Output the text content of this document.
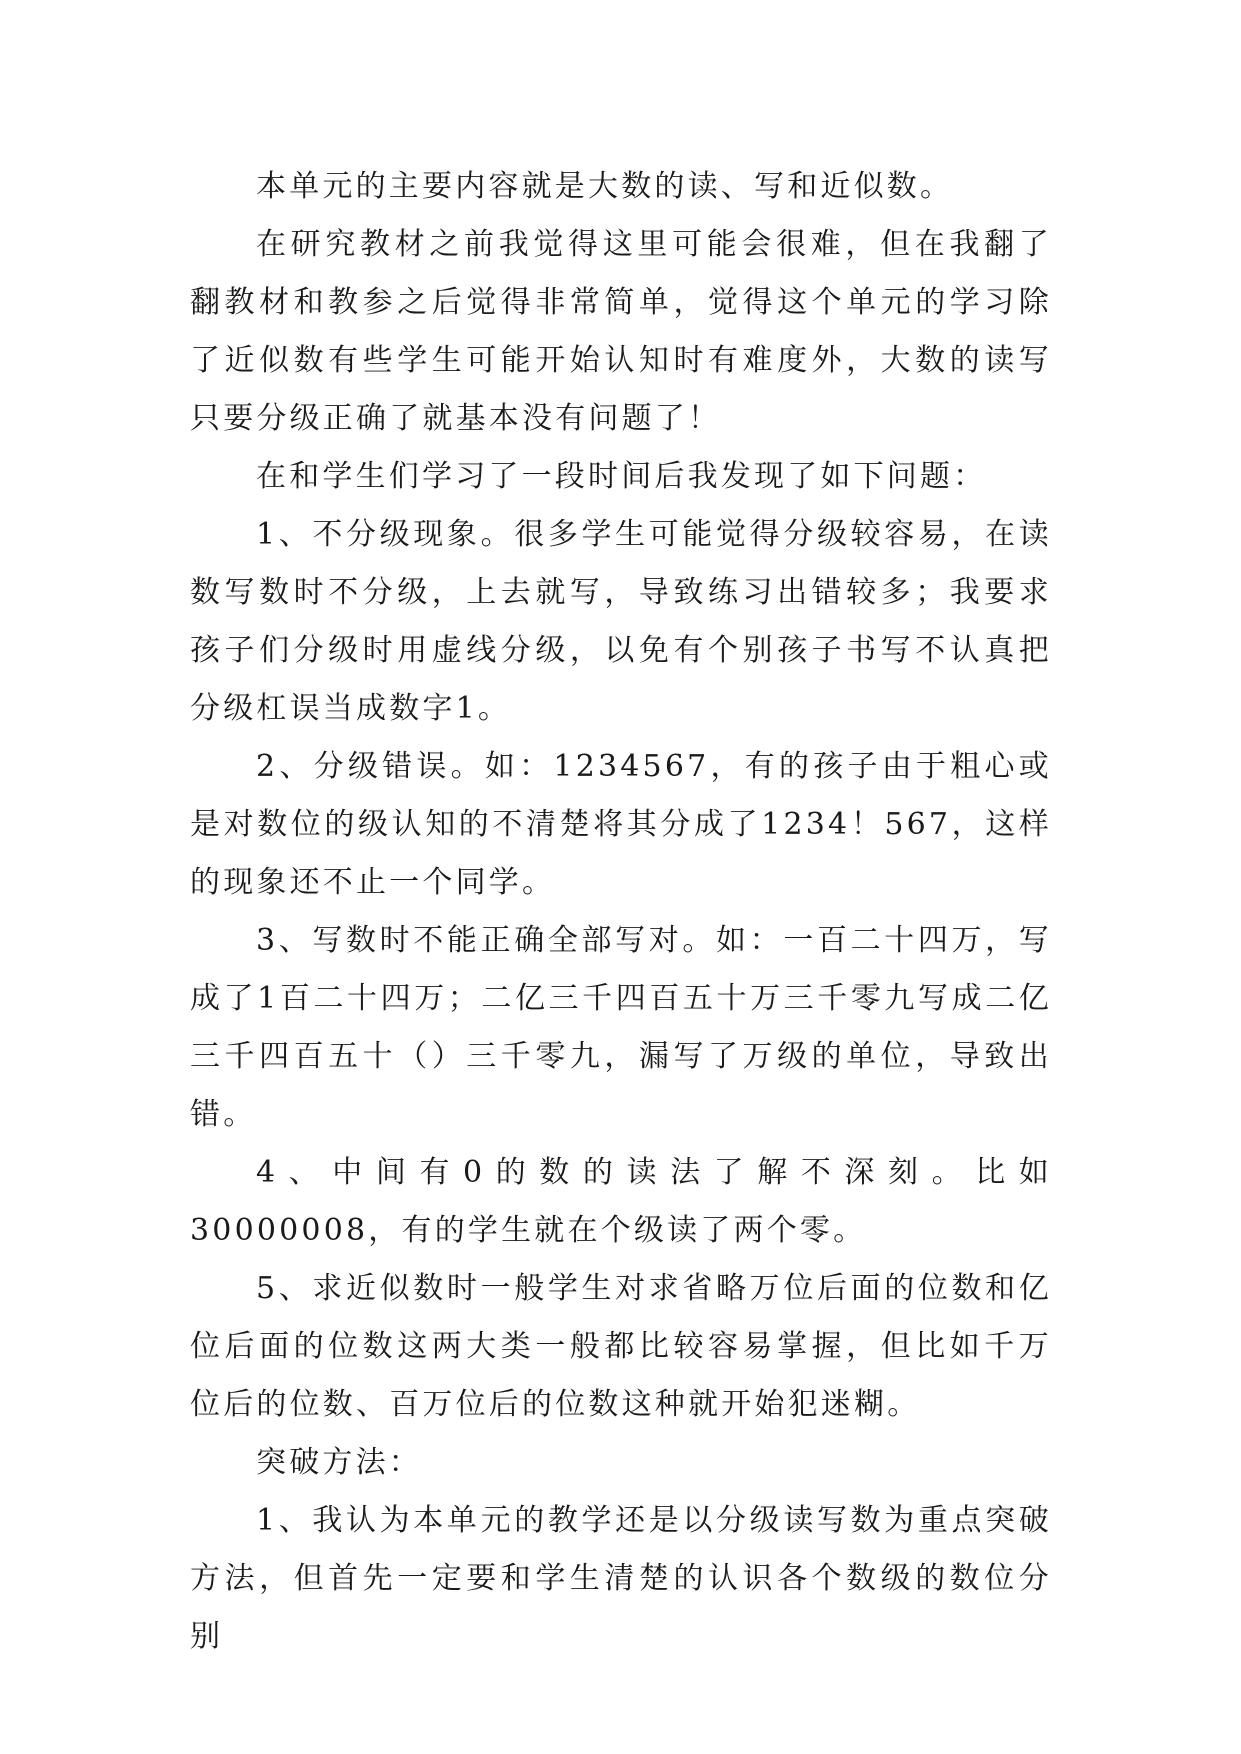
本单元的主要内容就是大数的读、写和近似数。

在研究教材之前我觉得这里可能会很难，但在我翻了翻教材和教参之后觉得非常简单，觉得这个单元的学习除了近似数有些学生可能开始认知时有难度外，大数的读写只要分级正确了就基本没有问题了！

在和学生们学习了一段时间后我发现了如下问题：

1、不分级现象。很多学生可能觉得分级较容易，在读数写数时不分级，上去就写，导致练习出错较多；我要求孩子们分级时用虚线分级，以免有个别孩子书写不认真把分级杠误当成数字1。

2、分级错误。如：1234567，有的孩子由于粗心或是对数位的级认知的不清楚将其分成了1234！567，这样的现象还不止一个同学。

3、写数时不能正确全部写对。如：一百二十四万，写成了1百二十四万；二亿三千四百五十万三千零九写成二亿三千四百五十（）三千零九，漏写了万级的单位，导致出错。

4、中间有0的数的读法了解不深刻。比如30000008，有的学生就在个级读了两个零。

5、求近似数时一般学生对求省略万位后面的位数和亿位后面的位数这两大类一般都比较容易掌握，但比如千万位后的位数、百万位后的位数这种就开始犯迷糊。

突破方法：

1、我认为本单元的教学还是以分级读写数为重点突破方法，但首先一定要和学生清楚的认识各个数级的数位分别
